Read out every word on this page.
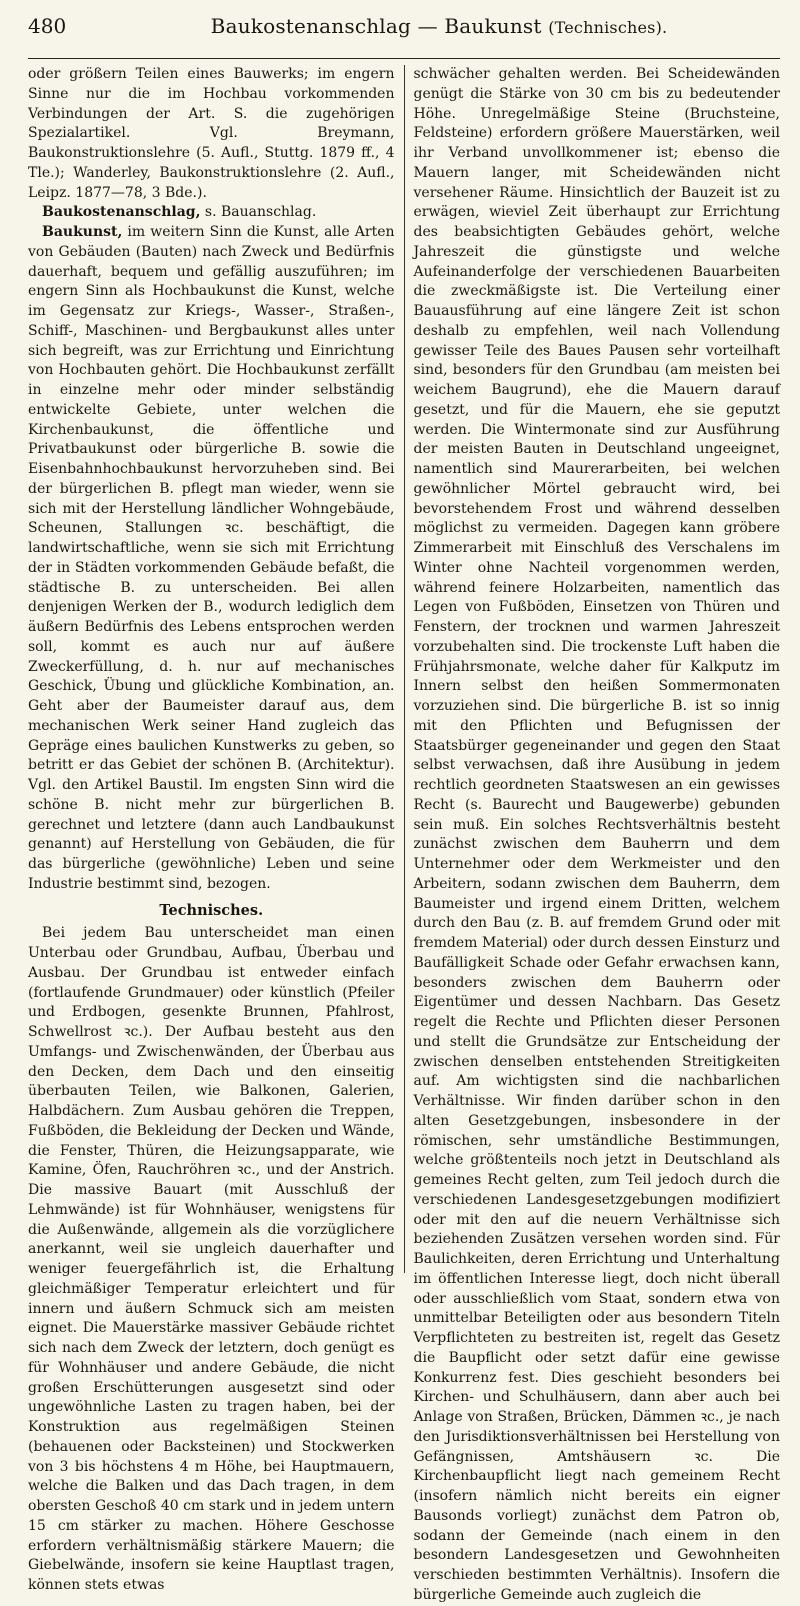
480	Baukostenanschlag — Baukunst (Technisches).

oder größern Teilen eines Bauwerks; im engern Sinne nur die im Hochbau vorkommenden Verbindungen der Art. S. die zugehörigen Spezialartikel. Vgl. Breymann, Baukonstruktionslehre (5. Aufl., Stuttg. 1879 ff., 4 Tle.); Wanderley, Baukonstruktionslehre (2. Aufl., Leipz. 1877—78, 3 Bde.).

Baukostenanschlag, s. Bauanschlag.

Baukunst, im weitern Sinn die Kunst, alle Arten von Gebäuden (Bauten) nach Zweck und Bedürfnis dauerhaft, bequem und gefällig auszuführen; im engern Sinn als Hochbaukunst die Kunst, welche im Gegensatz zur Kriegs-, Wasser-, Straßen-, Schiff-, Maschinen- und Bergbaukunst alles unter sich begreift, was zur Errichtung und Einrichtung von Hochbauten gehört. Die Hochbaukunst zerfällt in einzelne mehr oder minder selbständig entwickelte Gebiete, unter welchen die Kirchenbaukunst, die öffentliche und Privatbaukunst oder bürgerliche B. sowie die Eisenbahnhochbaukunst hervorzuheben sind. Bei der bürgerlichen B. pflegt man wieder, wenn sie sich mit der Herstellung ländlicher Wohngebäude, Scheunen, Stallungen ꝛc. beschäftigt, die landwirtschaftliche, wenn sie sich mit Errichtung der in Städten vorkommenden Gebäude befaßt, die städtische B. zu unterscheiden. Bei allen denjenigen Werken der B., wodurch lediglich dem äußern Bedürfnis des Lebens entsprochen werden soll, kommt es auch nur auf äußere Zweckerfüllung, d. h. nur auf mechanisches Geschick, Übung und glückliche Kombination, an. Geht aber der Baumeister darauf aus, dem mechanischen Werk seiner Hand zugleich das Gepräge eines baulichen Kunstwerks zu geben, so betritt er das Gebiet der schönen B. (Architektur). Vgl. den Artikel Baustil. Im engsten Sinn wird die schöne B. nicht mehr zur bürgerlichen B. gerechnet und letztere (dann auch Landbaukunst genannt) auf Herstellung von Gebäuden, die für das bürgerliche (gewöhnliche) Leben und seine Industrie bestimmt sind, bezogen.

Technisches.

Bei jedem Bau unterscheidet man einen Unterbau oder Grundbau, Aufbau, Überbau und Ausbau. Der Grundbau ist entweder einfach (fortlaufende Grundmauer) oder künstlich (Pfeiler und Erdbogen, gesenkte Brunnen, Pfahlrost, Schwellrost ꝛc.). Der Aufbau besteht aus den Umfangs- und Zwischenwänden, der Überbau aus den Decken, dem Dach und den einseitig überbauten Teilen, wie Balkonen, Galerien, Halbdächern. Zum Ausbau gehören die Treppen, Fußböden, die Bekleidung der Decken und Wände, die Fenster, Thüren, die Heizungsapparate, wie Kamine, Öfen, Rauchröhren ꝛc., und der Anstrich. Die massive Bauart (mit Ausschluß der Lehmwände) ist für Wohnhäuser, wenigstens für die Außenwände, allgemein als die vorzüglichere anerkannt, weil sie ungleich dauerhafter und weniger feuergefährlich ist, die Erhaltung gleichmäßiger Temperatur erleichtert und für innern und äußern Schmuck sich am meisten eignet. Die Mauerstärke massiver Gebäude richtet sich nach dem Zweck der letztern, doch genügt es für Wohnhäuser und andere Gebäude, die nicht großen Erschütterungen ausgesetzt sind oder ungewöhnliche Lasten zu tragen haben, bei der Konstruktion aus regelmäßigen Steinen (behauenen oder Backsteinen) und Stockwerken von 3 bis höchstens 4 m Höhe, bei Hauptmauern, welche die Balken und das Dach tragen, in dem obersten Geschoß 40 cm stark und in jedem untern 15 cm stärker zu machen. Höhere Geschosse erfordern verhältnismäßig stärkere Mauern; die Giebelwände, insofern sie keine Hauptlast tragen, können stets etwas

schwächer gehalten werden. Bei Scheidewänden genügt die Stärke von 30 cm bis zu bedeutender Höhe. Unregelmäßige Steine (Bruchsteine, Feldsteine) erfordern größere Mauerstärken, weil ihr Verband unvollkommener ist; ebenso die Mauern langer, mit Scheidewänden nicht versehener Räume. Hinsichtlich der Bauzeit ist zu erwägen, wieviel Zeit überhaupt zur Errichtung des beabsichtigten Gebäudes gehört, welche Jahreszeit die günstigste und welche Aufeinanderfolge der verschiedenen Bauarbeiten die zweckmäßigste ist. Die Verteilung einer Bauausführung auf eine längere Zeit ist schon deshalb zu empfehlen, weil nach Vollendung gewisser Teile des Baues Pausen sehr vorteilhaft sind, besonders für den Grundbau (am meisten bei weichem Baugrund), ehe die Mauern darauf gesetzt, und für die Mauern, ehe sie geputzt werden. Die Wintermonate sind zur Ausführung der meisten Bauten in Deutschland ungeeignet, namentlich sind Maurerarbeiten, bei welchen gewöhnlicher Mörtel gebraucht wird, bei bevorstehendem Frost und während desselben möglichst zu vermeiden. Dagegen kann gröbere Zimmerarbeit mit Einschluß des Verschalens im Winter ohne Nachteil vorgenommen werden, während feinere Holzarbeiten, namentlich das Legen von Fußböden, Einsetzen von Thüren und Fenstern, der trocknen und warmen Jahreszeit vorzubehalten sind. Die trockenste Luft haben die Frühjahrsmonate, welche daher für Kalkputz im Innern selbst den heißen Sommermonaten vorzuziehen sind. Die bürgerliche B. ist so innig mit den Pflichten und Befugnissen der Staatsbürger gegeneinander und gegen den Staat selbst verwachsen, daß ihre Ausübung in jedem rechtlich geordneten Staatswesen an ein gewisses Recht (s. Baurecht und Baugewerbe) gebunden sein muß. Ein solches Rechtsverhältnis besteht zunächst zwischen dem Bauherrn und dem Unternehmer oder dem Werkmeister und den Arbeitern, sodann zwischen dem Bauherrn, dem Baumeister und irgend einem Dritten, welchem durch den Bau (z. B. auf fremdem Grund oder mit fremdem Material) oder durch dessen Einsturz und Baufälligkeit Schade oder Gefahr erwachsen kann, besonders zwischen dem Bauherrn oder Eigentümer und dessen Nachbarn. Das Gesetz regelt die Rechte und Pflichten dieser Personen und stellt die Grundsätze zur Entscheidung der zwischen denselben entstehenden Streitigkeiten auf. Am wichtigsten sind die nachbarlichen Verhältnisse. Wir finden darüber schon in den alten Gesetzgebungen, insbesondere in der römischen, sehr umständliche Bestimmungen, welche größtenteils noch jetzt in Deutschland als gemeines Recht gelten, zum Teil jedoch durch die verschiedenen Landesgesetzgebungen modifiziert oder mit den auf die neuern Verhältnisse sich beziehenden Zusätzen versehen worden sind. Für Baulichkeiten, deren Errichtung und Unterhaltung im öffentlichen Interesse liegt, doch nicht überall oder ausschließlich vom Staat, sondern etwa von unmittelbar Beteiligten oder aus besondern Titeln Verpflichteten zu bestreiten ist, regelt das Gesetz die Baupflicht oder setzt dafür eine gewisse Konkurrenz fest. Dies geschieht besonders bei Kirchen- und Schulhäusern, dann aber auch bei Anlage von Straßen, Brücken, Dämmen ꝛc., je nach den Jurisdiktionsverhältnissen bei Herstellung von Gefängnissen, Amtshäusern ꝛc. Die Kirchenbaupflicht liegt nach gemeinem Recht (insofern nämlich nicht bereits ein eigner Bausonds vorliegt) zunächst dem Patron ob, sodann der Gemeinde (nach einem in den besondern Landesgesetzen und Gewohnheiten verschieden bestimmten Verhältnis). Insofern die bürgerliche Gemeinde auch zugleich die
